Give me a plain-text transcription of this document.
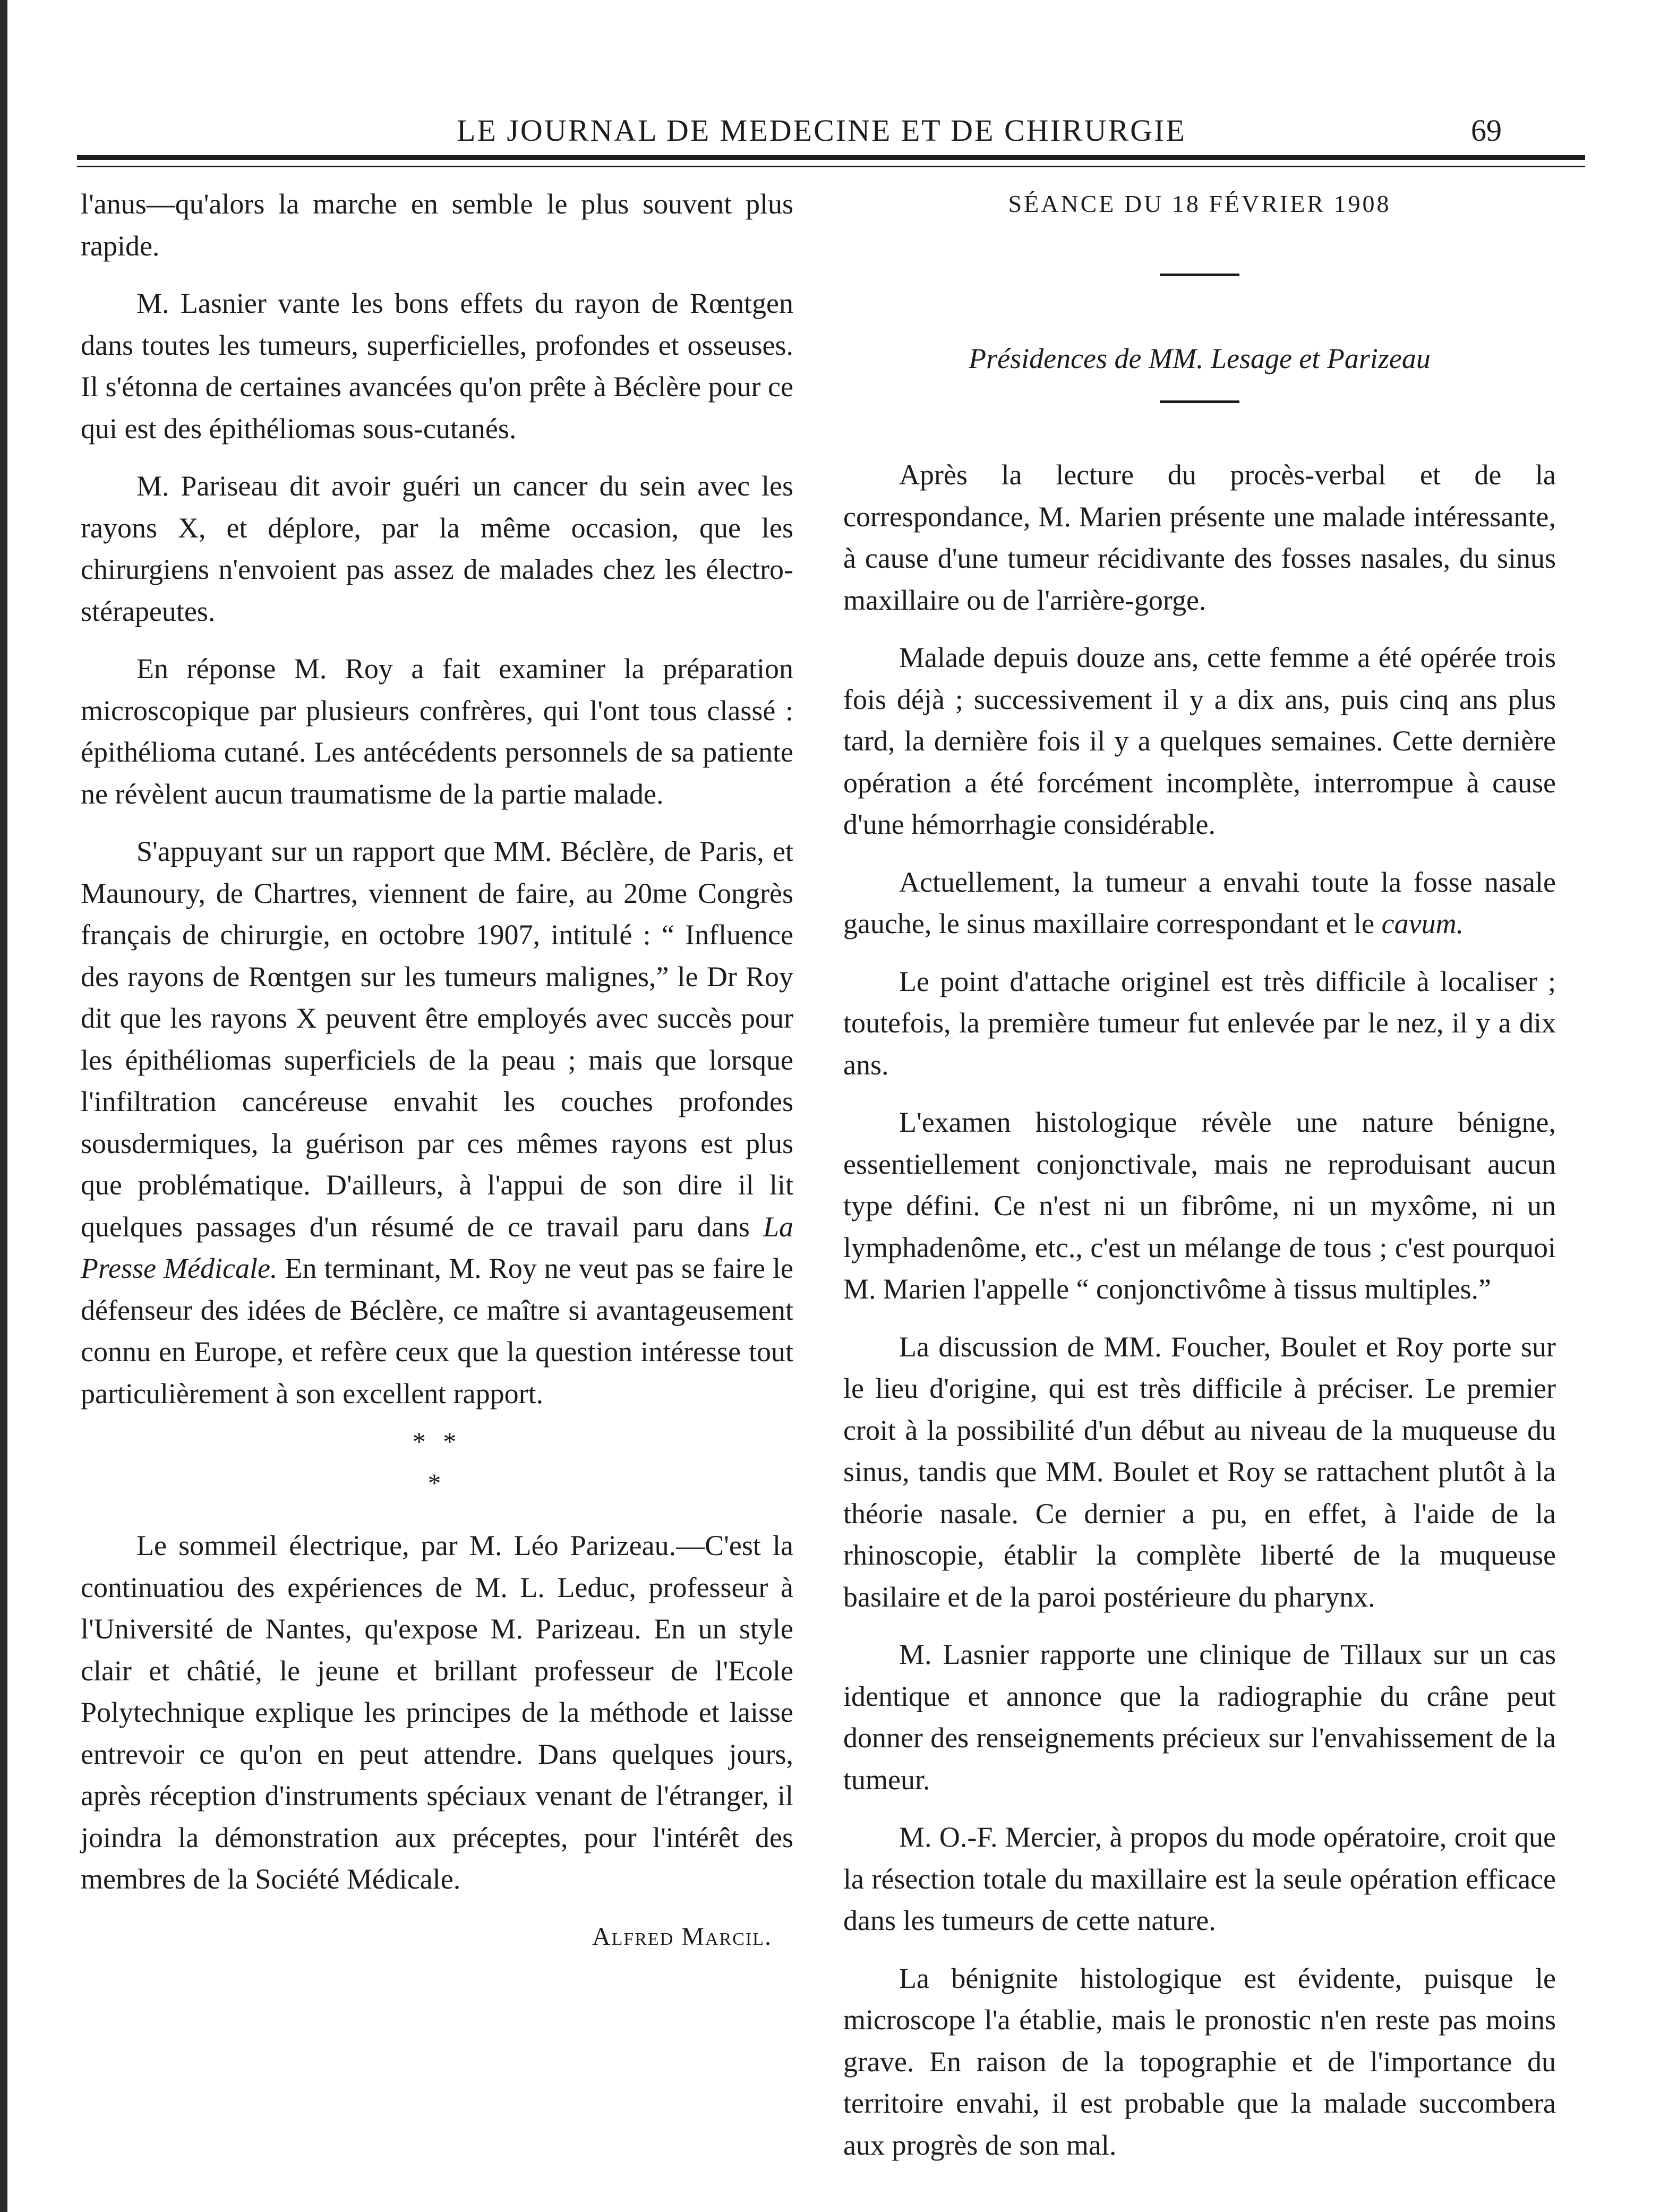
LE JOURNAL DE MEDECINE ET DE CHIRURGIE	69

l'anus—qu'alors la marche en semble le plus souvent plus rapide.

M. Lasnier vante les bons effets du rayon de Rœntgen dans toutes les tumeurs, superficielles, profondes et osseuses. Il s'étonna de certaines avancées qu'on prête à Béclère pour ce qui est des épithéliomas sous-cutanés.

M. Pariseau dit avoir guéri un cancer du sein avec les rayons X, et déplore, par la même occasion, que les chirurgiens n'envoient pas assez de malades chez les électro-stérapeutes.

En réponse M. Roy a fait examiner la préparation microscopique par plusieurs confrères, qui l'ont tous classé : épithélioma cutané. Les antécédents personnels de sa patiente ne révèlent aucun traumatisme de la partie malade.

S'appuyant sur un rapport que MM. Béclère, de Paris, et Maunoury, de Chartres, viennent de faire, au 20me Congrès français de chirurgie, en octobre 1907, intitulé : “ Influence des rayons de Rœntgen sur les tumeurs malignes,” le Dr Roy dit que les rayons X peuvent être employés avec succès pour les épithéliomas superficiels de la peau ; mais que lorsque l'infiltration cancéreuse envahit les couches profondes sousdermiques, la guérison par ces mêmes rayons est plus que problématique. D'ailleurs, à l'appui de son dire il lit quelques passages d'un résumé de ce travail paru dans La Presse Médicale. En terminant, M. Roy ne veut pas se faire le défenseur des idées de Béclère, ce maître si avantageusement connu en Europe, et refère ceux que la question intéresse tout particulièrement à son excellent rapport.

* *
*

Le sommeil électrique, par M. Léo Parizeau.—C'est la continuatiou des expériences de M. L. Leduc, professeur à l'Université de Nantes, qu'expose M. Parizeau. En un style clair et châtié, le jeune et brillant professeur de l'Ecole Polytechnique explique les principes de la méthode et laisse entrevoir ce qu'on en peut attendre. Dans quelques jours, après réception d'instruments spéciaux venant de l'étranger, il joindra la démonstration aux préceptes, pour l'intérêt des membres de la Société Médicale.

Alfred Marcil.

SÉANCE DU 18 FÉVRIER 1908

Présidences de MM. Lesage et Parizeau

Après la lecture du procès-verbal et de la correspondance, M. Marien présente une malade intéressante, à cause d'une tumeur récidivante des fosses nasales, du sinus maxillaire ou de l'arrière-gorge.

Malade depuis douze ans, cette femme a été opérée trois fois déjà ; successivement il y a dix ans, puis cinq ans plus tard, la dernière fois il y a quelques semaines. Cette dernière opération a été forcément incomplète, interrompue à cause d'une hémorrhagie considérable.

Actuellement, la tumeur a envahi toute la fosse nasale gauche, le sinus maxillaire correspondant et le cavum.

Le point d'attache originel est très difficile à localiser ; toutefois, la première tumeur fut enlevée par le nez, il y a dix ans.

L'examen histologique révèle une nature bénigne, essentiellement conjonctivale, mais ne reproduisant aucun type défini. Ce n'est ni un fibrôme, ni un myxôme, ni un lymphadenôme, etc., c'est un mélange de tous ; c'est pourquoi M. Marien l'appelle “ conjonctivôme à tissus multiples.”

La discussion de MM. Foucher, Boulet et Roy porte sur le lieu d'origine, qui est très difficile à préciser. Le premier croit à la possibilité d'un début au niveau de la muqueuse du sinus, tandis que MM. Boulet et Roy se rattachent plutôt à la théorie nasale. Ce dernier a pu, en effet, à l'aide de la rhinoscopie, établir la complète liberté de la muqueuse basilaire et de la paroi postérieure du pharynx.

M. Lasnier rapporte une clinique de Tillaux sur un cas identique et annonce que la radiographie du crâne peut donner des renseignements précieux sur l'envahissement de la tumeur.

M. O.-F. Mercier, à propos du mode opératoire, croit que la résection totale du maxillaire est la seule opération efficace dans les tumeurs de cette nature.

La bénignite histologique est évidente, puisque le microscope l'a établie, mais le pronostic n'en reste pas moins grave. En raison de la topographie et de l'importance du territoire envahi, il est probable que la malade succombera aux progrès de son mal.
